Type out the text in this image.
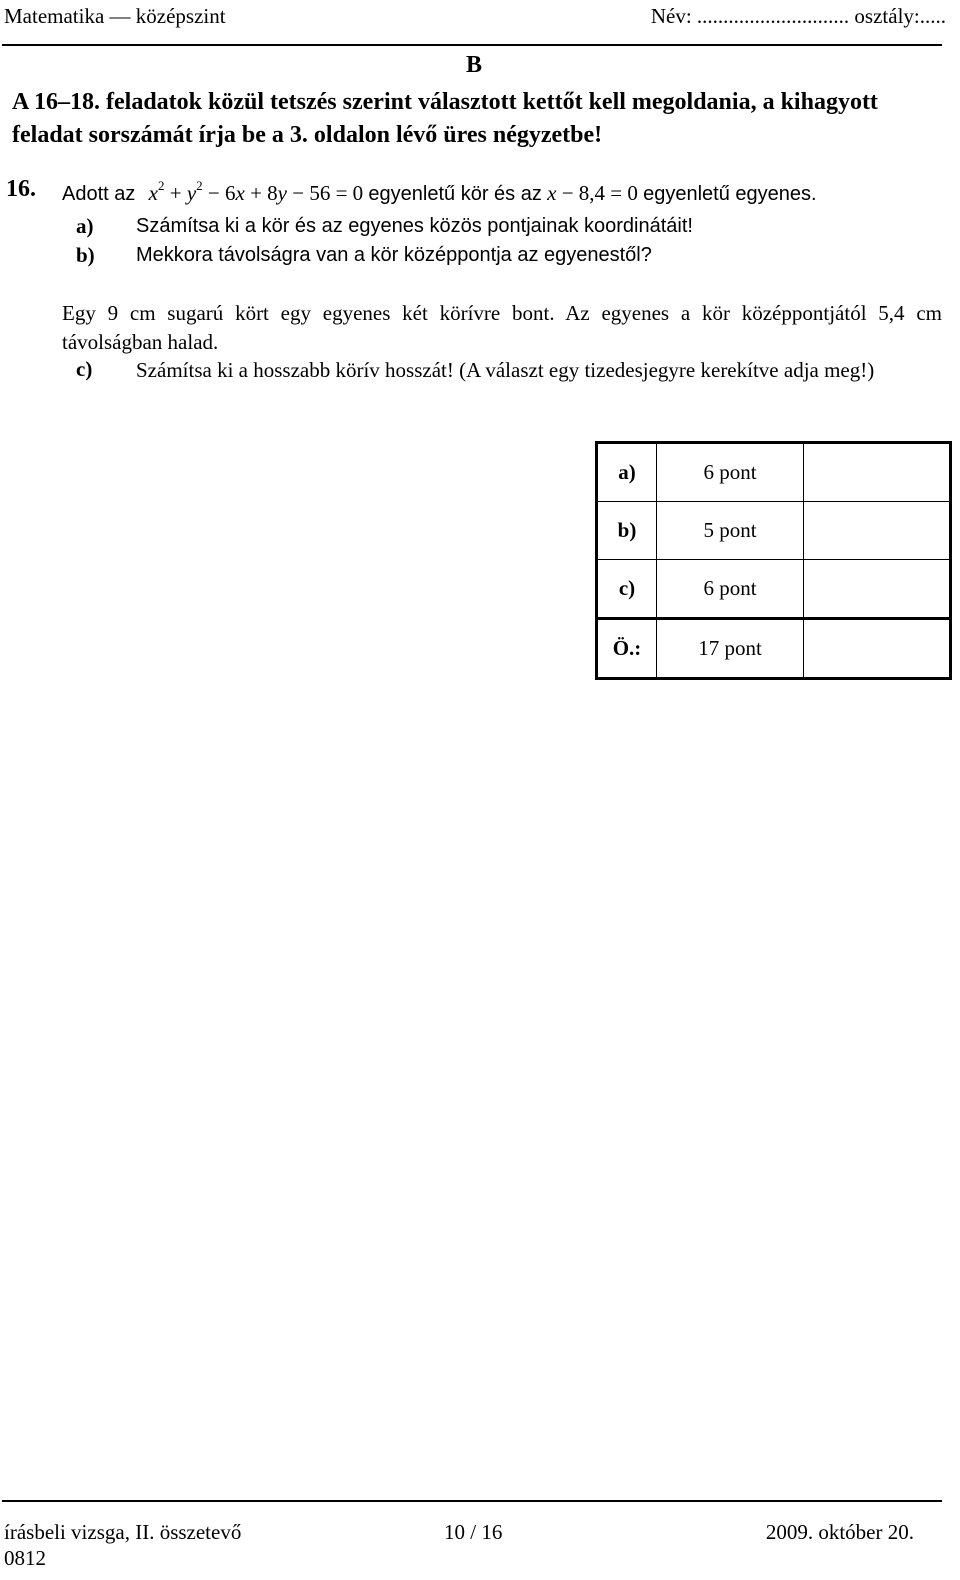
Matematika — középszint	Név: ............................. osztály:.....
B
A 16–18. feladatok közül tetszés szerint választott kettőt kell megoldania, a kihagyott feladat sorszámát írja be a 3. oldalon lévő üres négyzetbe!
16. Adott az $x^2 + y^2 - 6x + 8y - 56 = 0$ egyenletű kör és az x − 8,4 = 0 egyenletű egyenes.
a) Számítsa ki a kör és az egyenes közös pontjainak koordinátáit!
b) Mekkora távolságra van a kör középpontja az egyenestől?
Egy 9 cm sugarú kört egy egyenes két körívre bont. Az egyenes a kör középpontjától 5,4 cm távolságban halad.
c) Számítsa ki a hosszabb körív hosszát! (A választ egy tizedesjegyre kerekítve adja meg!)
a)	6 pont	
b)	5 pont	
c)	6 pont	
Ö.:	17 pont	
írásbeli vizsga, II. összetevő	10 / 16	2009. október 20.
0812
